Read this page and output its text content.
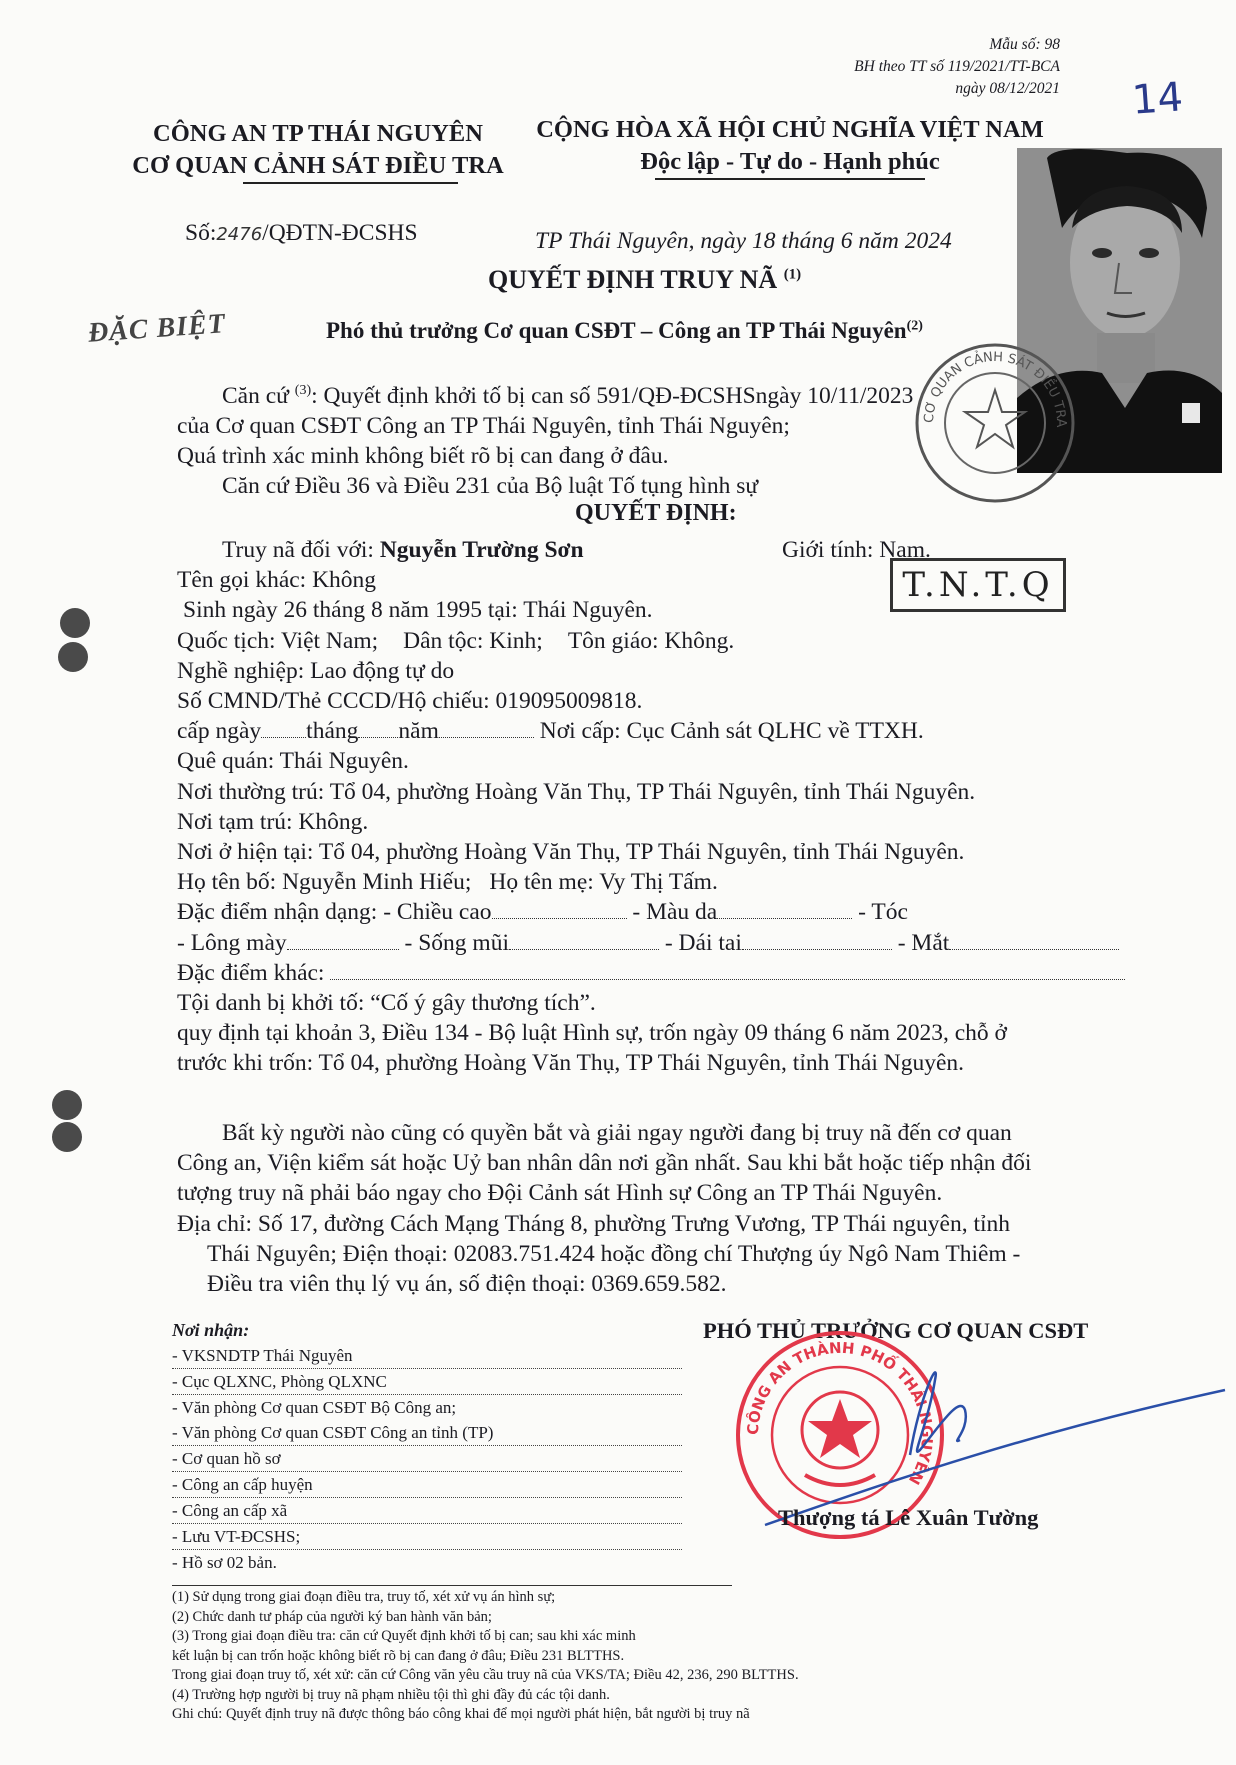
Mẫu số: 98
BH theo TT số 119/2021/TT-BCA
ngày 08/12/2021 14
CÔNG AN TP THÁI NGUYÊN
CƠ QUAN CẢNH SÁT ĐIỀU TRA
CỘNG HÒA XÃ HỘI CHỦ NGHĨA VIỆT NAM
Độc lập - Tự do - Hạnh phúc
CƠ QUAN CẢNH SÁT ĐIỀU TRA
Số:2476/QĐTN-ĐCSHS	TP Thái Nguyên, ngày 18 tháng 6 năm 2024
QUYẾT ĐỊNH TRUY NÃ $^{(1)}$
ĐẶC BIỆT	Phó thủ trưởng Cơ quan CSĐT – Công an TP Thái Nguyên$^{(2)}$
Căn cứ $^{(3)}$: Quyết định khởi tố bị can số 591/QĐ-ĐCSHSngày 10/11/2023
của Cơ quan CSĐT Công an TP Thái Nguyên, tỉnh Thái Nguyên;
Quá trình xác minh không biết rõ bị can đang ở đâu.
Căn cứ Điều 36 và Điều 231 của Bộ luật Tố tụng hình sự
QUYẾT ĐỊNH:
Truy nã đối với: Nguyễn Trường Sơn	Giới tính: Nam.
Tên gọi khác: Không
Sinh ngày 26 tháng 8 năm 1995 tại: Thái Nguyên.
Quốc tịch: Việt Nam; Dân tộc: Kinh; Tôn giáo: Không.
Nghề nghiệp: Lao động tự do
Số CMND/Thẻ CCCD/Hộ chiếu: 019095009818.
cấp ngày tháng năm	Nơi cấp: Cục Cảnh sát QLHC về TTXH.
Quê quán: Thái Nguyên.
Nơi thường trú: Tổ 04, phường Hoàng Văn Thụ, TP Thái Nguyên, tỉnh Thái Nguyên.
Nơi tạm trú: Không.
Nơi ở hiện tại: Tổ 04, phường Hoàng Văn Thụ, TP Thái Nguyên, tỉnh Thái Nguyên.
Họ tên bố: Nguyễn Minh Hiếu; Họ tên mẹ: Vy Thị Tấm.
Đặc điểm nhận dạng: - Chiều cao	- Màu da	- Tóc
- Lông mày	- Sống mũi	- Dái tai	- Mắt
Đặc điểm khác:
Tội danh bị khởi tố: “Cố ý gây thương tích”.
quy định tại khoản 3, Điều 134 - Bộ luật Hình sự, trốn ngày 09 tháng 6 năm 2023, chỗ ở
trước khi trốn: Tổ 04, phường Hoàng Văn Thụ, TP Thái Nguyên, tỉnh Thái Nguyên.
T.N.T.Q
Bất kỳ người nào cũng có quyền bắt và giải ngay người đang bị truy nã đến cơ quan
Công an, Viện kiểm sát hoặc Uỷ ban nhân dân nơi gần nhất. Sau khi bắt hoặc tiếp nhận đối
tượng truy nã phải báo ngay cho Đội Cảnh sát Hình sự Công an TP Thái Nguyên.
Địa chỉ: Số 17, đường Cách Mạng Tháng 8, phường Trưng Vương, TP Thái nguyên, tỉnh
Thái Nguyên; Điện thoại: 02083.751.424 hoặc đồng chí Thượng úy Ngô Nam Thiêm -
Điều tra viên thụ lý vụ án, số điện thoại: 0369.659.582.
Nơi nhận:
- VKSNDTP Thái Nguyên
- Cục QLXNC, Phòng QLXNC
- Văn phòng Cơ quan CSĐT Bộ Công an;
- Văn phòng Cơ quan CSĐT Công an tỉnh (TP)
- Cơ quan hồ sơ
- Công an cấp huyện
- Công an cấp xã
- Lưu VT-ĐCSHS;
- Hồ sơ 02 bản.
PHÓ THỦ TRƯỞNG CƠ QUAN CSĐT
CÔNG AN THÀNH PHỐ THÁI NGUYÊN
Thượng tá Lê Xuân Tường
(1) Sử dụng trong giai đoạn điều tra, truy tố, xét xử vụ án hình sự;
(2) Chức danh tư pháp của người ký ban hành văn bản;
(3) Trong giai đoạn điều tra: căn cứ Quyết định khởi tố bị can; sau khi xác minh
kết luận bị can trốn hoặc không biết rõ bị can đang ở đâu; Điều 231 BLTTHS.
Trong giai đoạn truy tố, xét xử: căn cứ Công văn yêu cầu truy nã của VKS/TA; Điều 42, 236, 290 BLTTHS.
(4) Trường hợp người bị truy nã phạm nhiều tội thì ghi đầy đủ các tội danh.
Ghi chú: Quyết định truy nã được thông báo công khai để mọi người phát hiện, bắt người bị truy nã
